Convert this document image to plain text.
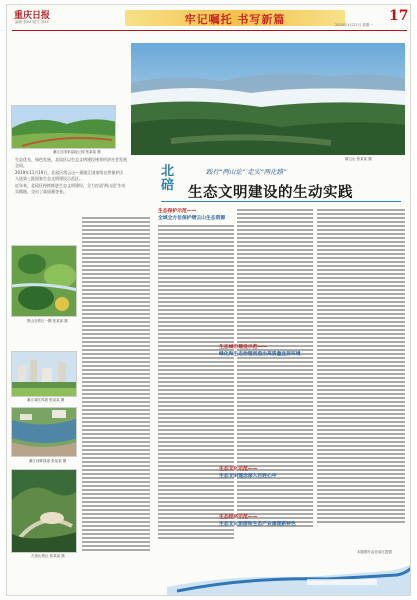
重庆日报
编辑 张XX 版式 刘XX	牢记嘱托 书写新篇	17
2024年4月22日 星期一
綦江区国家湿地公园 张某某 摄
生态优先、绿色发展，北碚区以生态文明建设统领经济社会发展全局。
2019年11月19日，北碚区缙云山—嘉陵江国家级自然保护区入选第三批国家生态文明建设示范区。
近年来，北碚区持续推进生态文明建设，全力打造'两山论'生动实践地，交出了高质量答卷。
黑山谷景区一隅 张某某 摄
綦江城区风貌 张某某 摄
綦江河畔绿道 张某某 摄
古剑山景区 张某某 摄
缙云山 张某某 摄
北
碚
践行“两山论” 走实“两化路”
生态文明建设的生动实践
生态保护示范——
全域全方位保护缙云山生态资源
生态城市建设示范——
绿化和生态治理创造出高质量宜居环境
生态文化示范——
生态文明理念深入百姓心中
生态经济示范——
生态文化旅游和生态产业涌现新特色
本版图片由北碚区提供
